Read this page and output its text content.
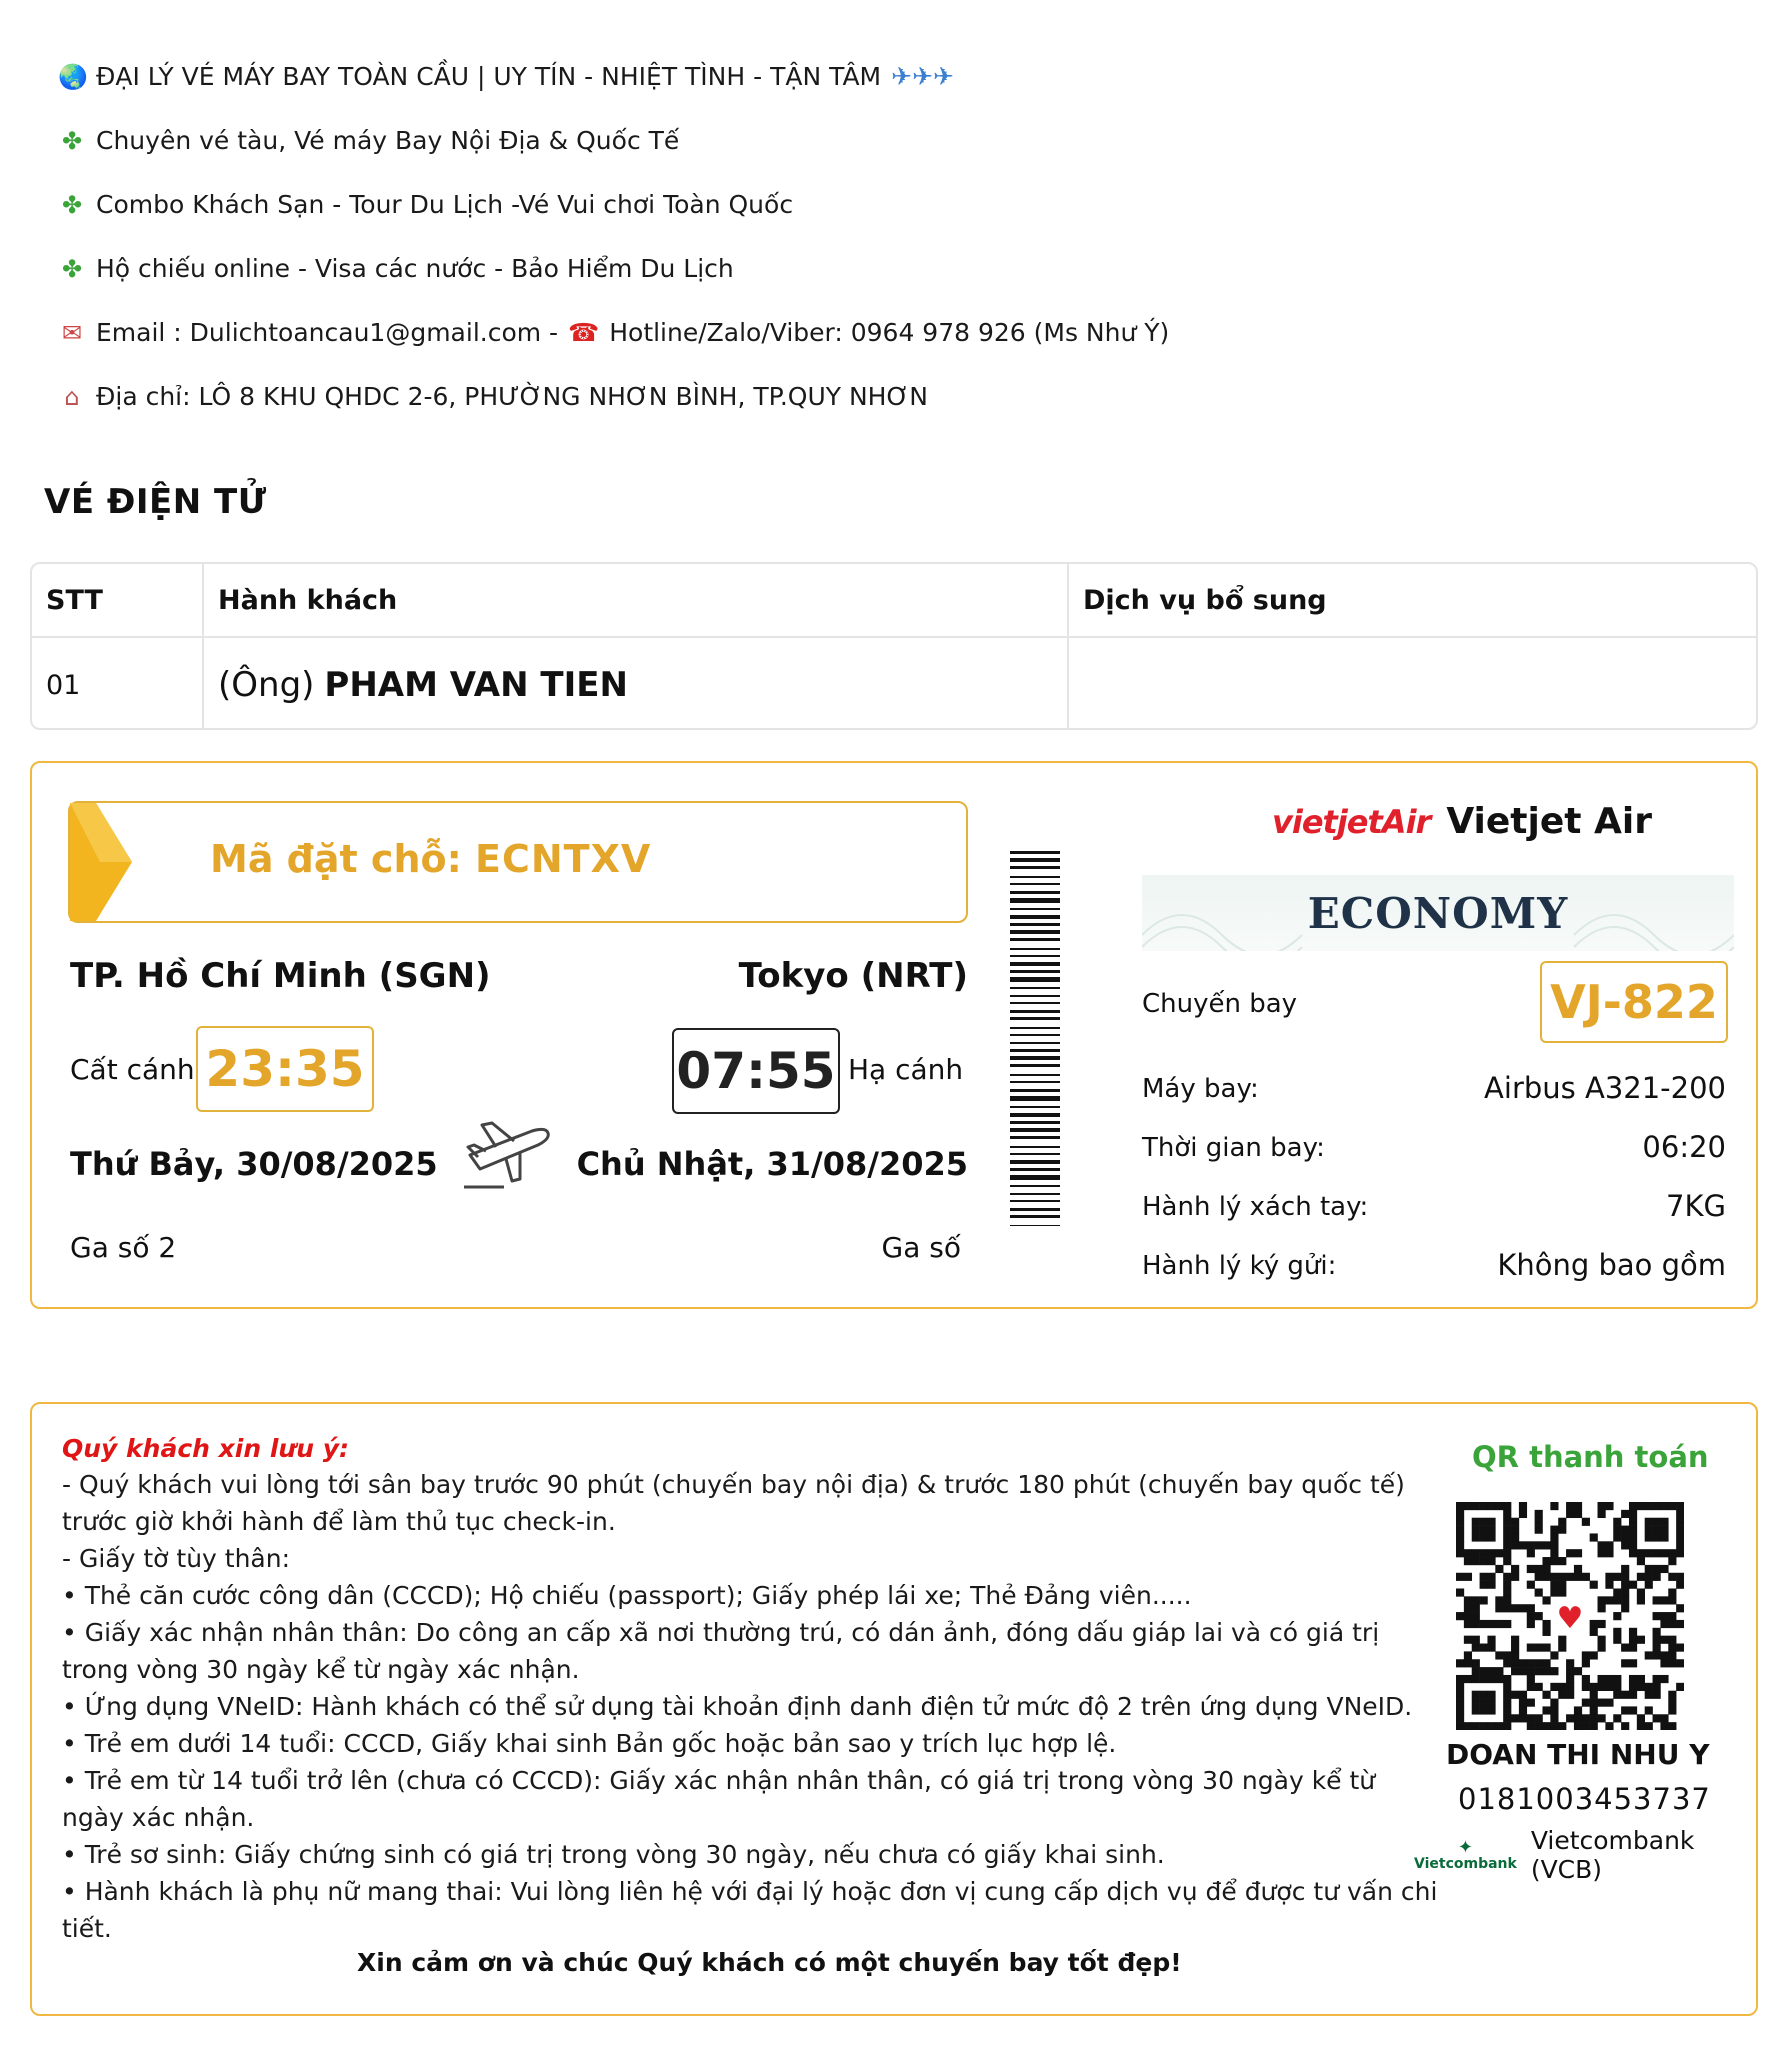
🌏 ĐẠI LÝ VÉ MÁY BAY TOÀN CẦU | UY TÍN - NHIỆT TÌNH - TẬN TÂM ✈✈✈
✤ Chuyên vé tàu, Vé máy Bay Nội Địa & Quốc Tế
✤ Combo Khách Sạn - Tour Du Lịch -Vé Vui chơi Toàn Quốc
✤ Hộ chiếu online - Visa các nước - Bảo Hiểm Du Lịch
✉ Email : Dulichtoancau1@gmail.com - ☎ Hotline/Zalo/Viber: 0964 978 926 (Ms Như Ý)
⌂ Địa chỉ: LÔ 8 KHU QHDC 2-6, PHƯỜNG NHƠN BÌNH, TP.QUY NHƠN
VÉ ĐIỆN TỬ
STT	Hành khách	Dịch vụ bổ sung
01	(Ông) PHAM VAN TIEN
Mã đặt chỗ: ECNTXV
TP. Hồ Chí Minh (SGN)	Tokyo (NRT)
Cất cánh 23:35	07:55 Hạ cánh
Thứ Bảy, 30/08/2025	Chủ Nhật, 31/08/2025
Ga số 2	Ga số
vietjetAir Vietjet Air
ECONOMY
Chuyến bay	VJ-822
Máy bay:	Airbus A321-200
Thời gian bay:	06:20
Hành lý xách tay:	7KG
Hành lý ký gửi:	Không bao gồm
Quý khách xin lưu ý:
- Quý khách vui lòng tới sân bay trước 90 phút (chuyến bay nội địa) & trước 180 phút (chuyến bay quốc tế)
trước giờ khởi hành để làm thủ tục check-in.
- Giấy tờ tùy thân:
• Thẻ căn cước công dân (CCCD); Hộ chiếu (passport); Giấy phép lái xe; Thẻ Đảng viên.....
• Giấy xác nhận nhân thân: Do công an cấp xã nơi thường trú, có dán ảnh, đóng dấu giáp lai và có giá trị
trong vòng 30 ngày kể từ ngày xác nhận.
• Ứng dụng VNeID: Hành khách có thể sử dụng tài khoản định danh điện tử mức độ 2 trên ứng dụng VNeID.
• Trẻ em dưới 14 tuổi: CCCD, Giấy khai sinh Bản gốc hoặc bản sao y trích lục hợp lệ.
• Trẻ em từ 14 tuổi trở lên (chưa có CCCD): Giấy xác nhận nhân thân, có giá trị trong vòng 30 ngày kể từ
ngày xác nhận.
• Trẻ sơ sinh: Giấy chứng sinh có giá trị trong vòng 30 ngày, nếu chưa có giấy khai sinh.
• Hành khách là phụ nữ mang thai: Vui lòng liên hệ với đại lý hoặc đơn vị cung cấp dịch vụ để được tư vấn chi
tiết.
Xin cảm ơn và chúc Quý khách có một chuyến bay tốt đẹp!
QR thanh toán
♥
DOAN THI NHU Y
0181003453737
✦
Vietcombank
Vietcombank (VCB)
